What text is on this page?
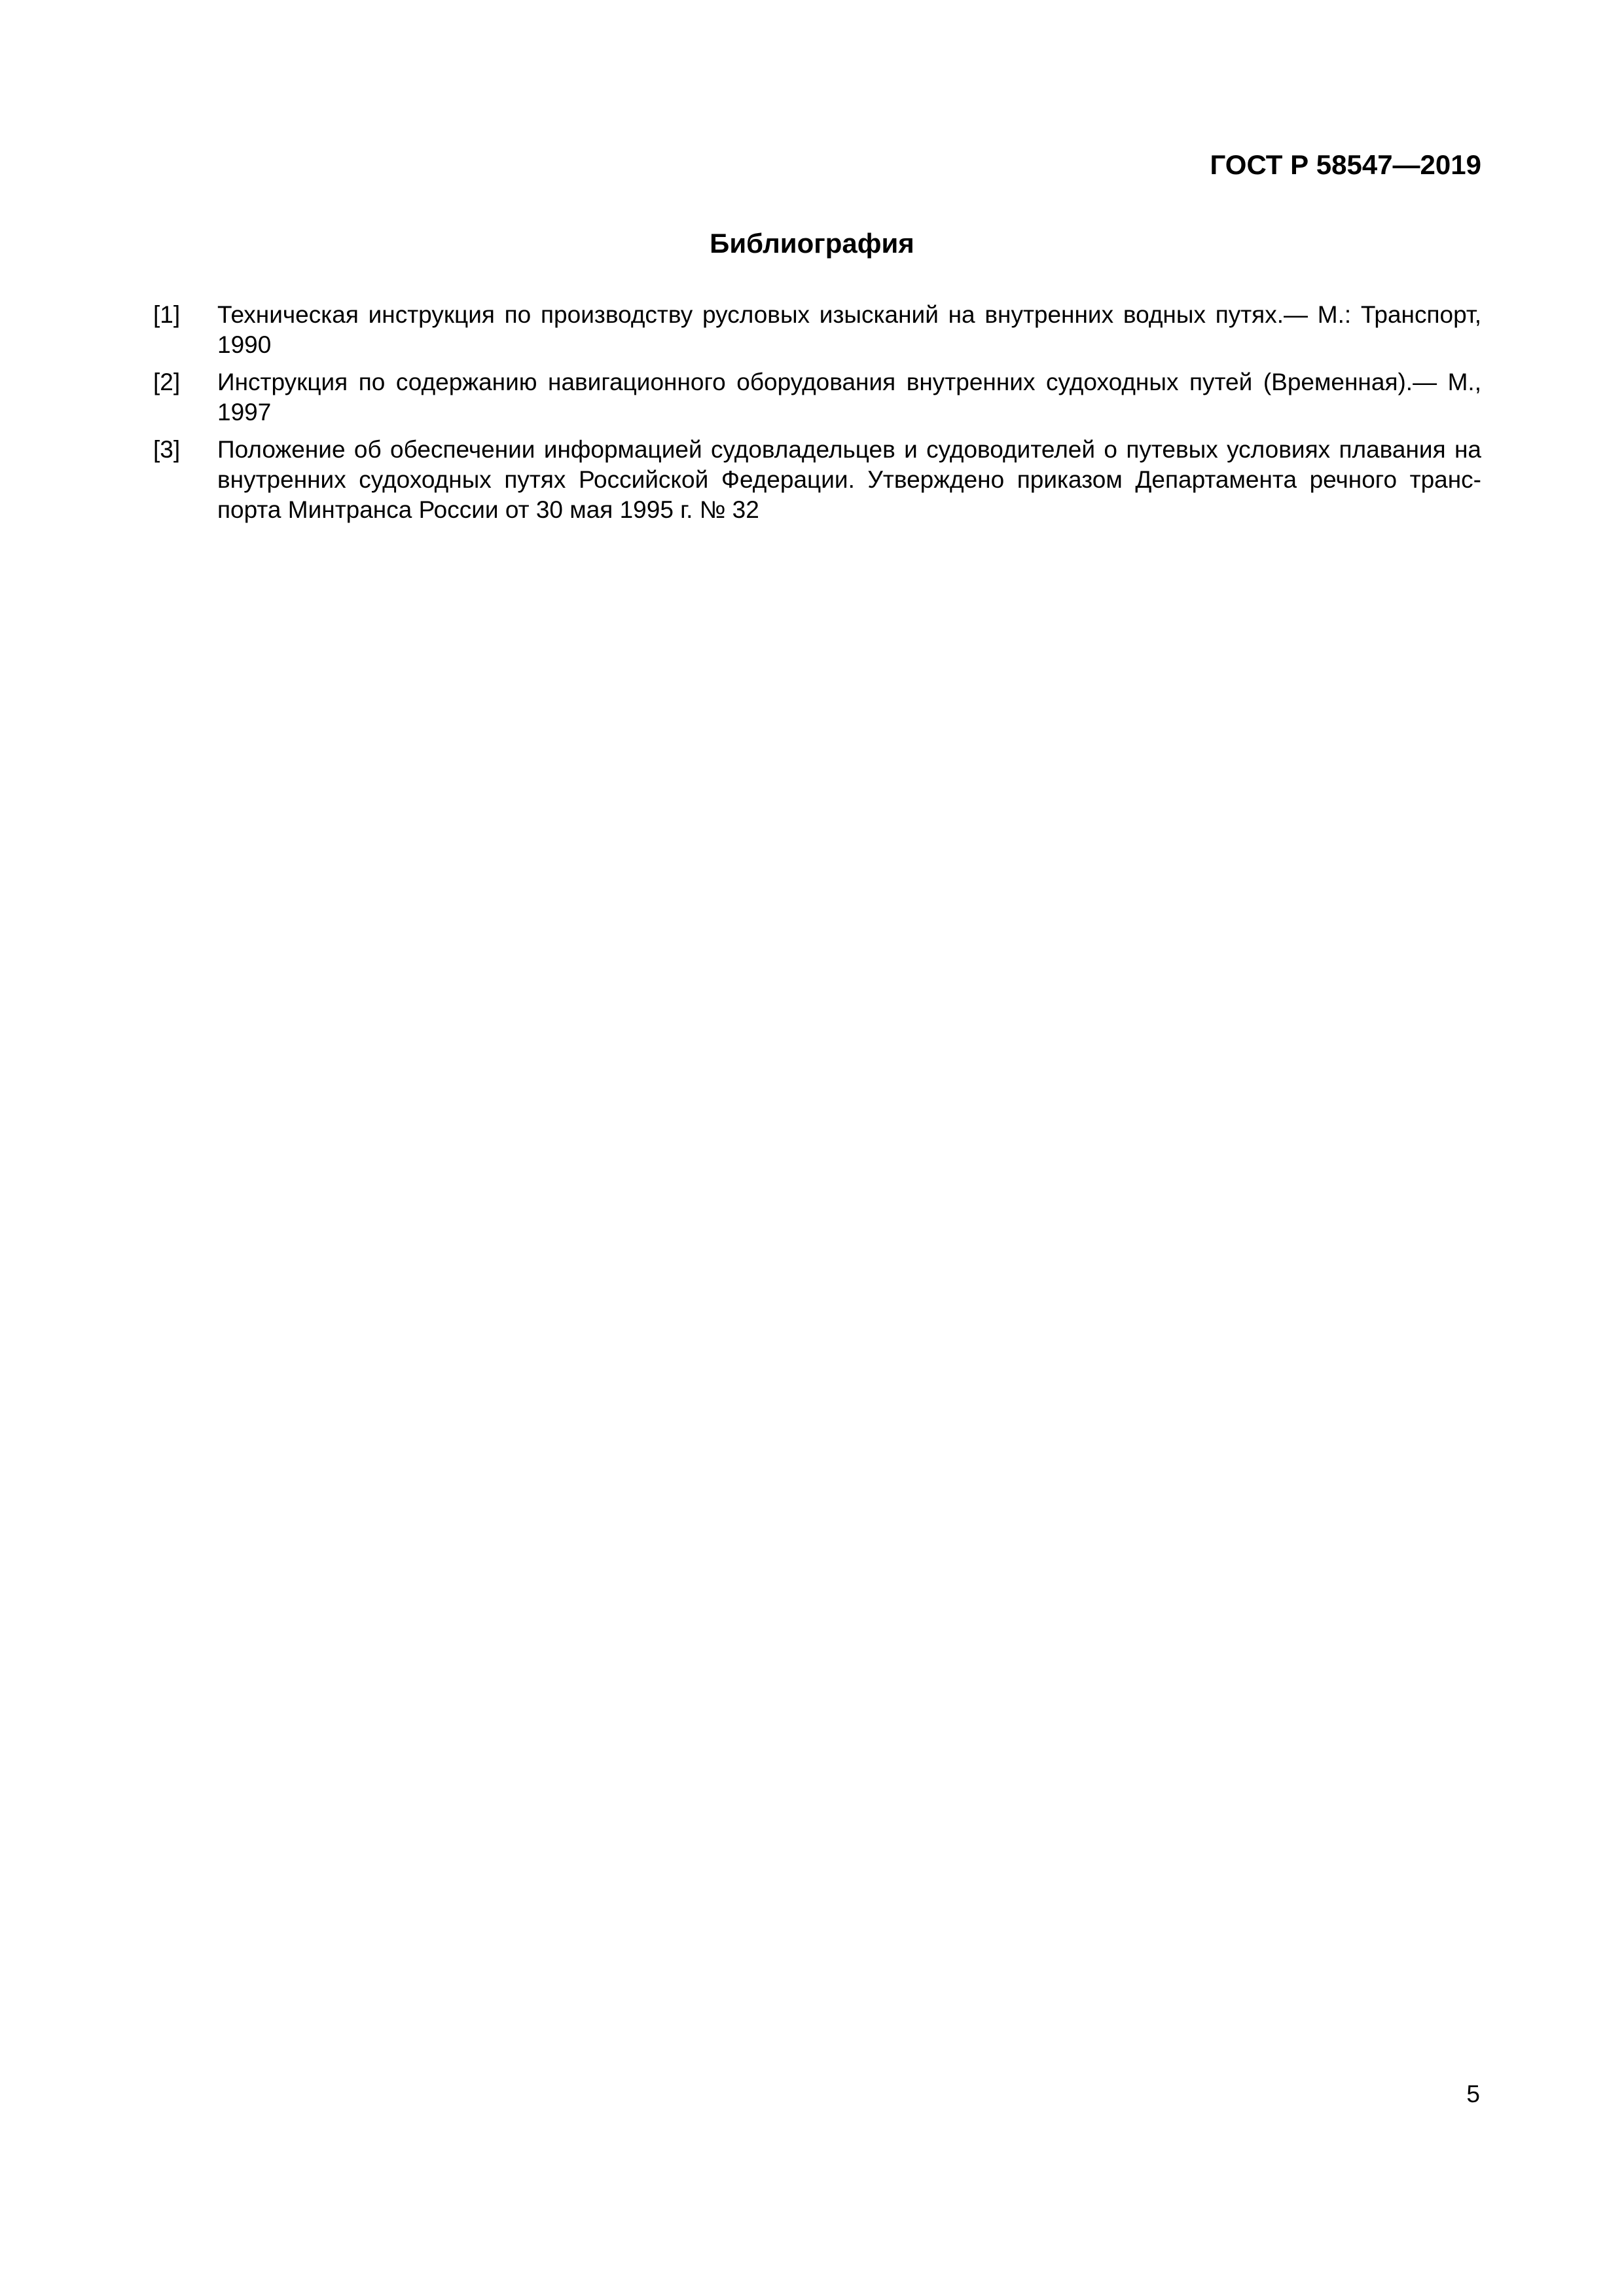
ГОСТ Р 58547—2019
Библиография
[1] Техническая инструкция по производству русловых изысканий на внутренних водных путях.— М.: Транспорт, 1990
[2] Инструкция по содержанию навигационного оборудования внутренних судоходных путей (Временная).— М., 1997
[3] Положение об обеспечении информацией судовладельцев и судоводителей о путевых условиях плавания на внутренних судоходных путях Российской Федерации. Утверждено приказом Департамента речного транспорта Минтранса России от 30 мая 1995 г. № 32
5
